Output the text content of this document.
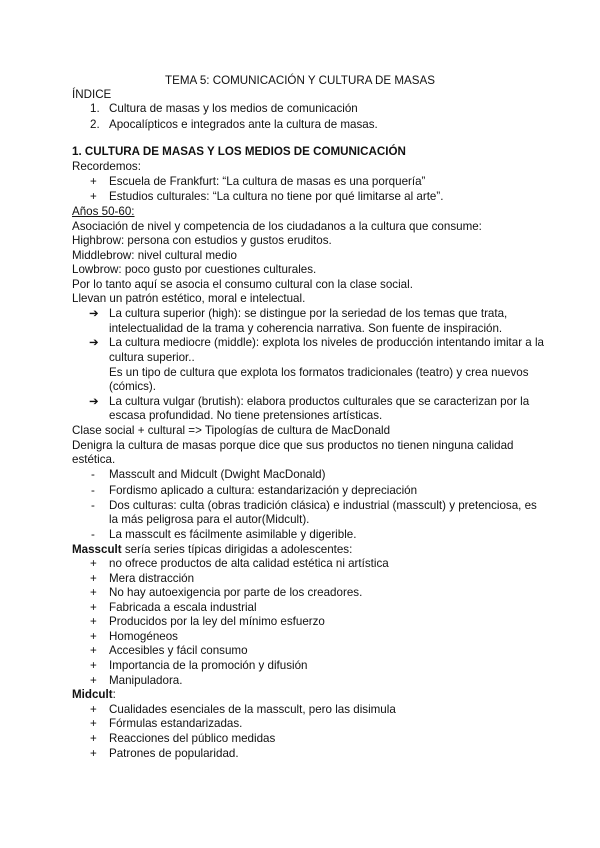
TEMA 5: COMUNICACIÓN Y CULTURA DE MASAS
ÍNDICE
1. Cultura de masas y los medios de comunicación
2. Apocalípticos e integrados ante la cultura de masas.
1. CULTURA DE MASAS Y LOS MEDIOS DE COMUNICACIÓN
Recordemos:
+ Escuela de Frankfurt: “La cultura de masas es una porquería”
+ Estudios culturales: “La cultura no tiene por qué limitarse al arte”.
Años 50-60:
Asociación de nivel y competencia de los ciudadanos a la cultura que consume:
Highbrow: persona con estudios y gustos eruditos.
Middlebrow: nivel cultural medio
Lowbrow: poco gusto por cuestiones culturales.
Por lo tanto aquí se asocia el consumo cultural con la clase social.
Llevan un patrón estético, moral e intelectual.
➔ La cultura superior (high): se distingue por la seriedad de los temas que trata,
intelectualidad de la trama y coherencia narrativa. Son fuente de inspiración.
➔ La cultura mediocre (middle): explota los niveles de producción intentando imitar a la
cultura superior..
Es un tipo de cultura que explota los formatos tradicionales (teatro) y crea nuevos
(cómics).
➔ La cultura vulgar (brutish): elabora productos culturales que se caracterizan por la
escasa profundidad. No tiene pretensiones artísticas.
Clase social + cultural => Tipologías de cultura de MacDonald
Denigra la cultura de masas porque dice que sus productos no tienen ninguna calidad
estética.
- Masscult and Midcult (Dwight MacDonald)
- Fordismo aplicado a cultura: estandarización y depreciación
- Dos culturas: culta (obras tradición clásica) e industrial (masscult) y pretenciosa, es
la más peligrosa para el autor(Midcult).
- La masscult es fácilmente asimilable y digerible.
Masscult sería series típicas dirigidas a adolescentes:
+ no ofrece productos de alta calidad estética ni artística
+ Mera distracción
+ No hay autoexigencia por parte de los creadores.
+ Fabricada a escala industrial
+ Producidos por la ley del mínimo esfuerzo
+ Homogéneos
+ Accesibles y fácil consumo
+ Importancia de la promoción y difusión
+ Manipuladora.
Midcult:
+ Cualidades esenciales de la masscult, pero las disimula
+ Fórmulas estandarizadas.
+ Reacciones del público medidas
+ Patrones de popularidad.
